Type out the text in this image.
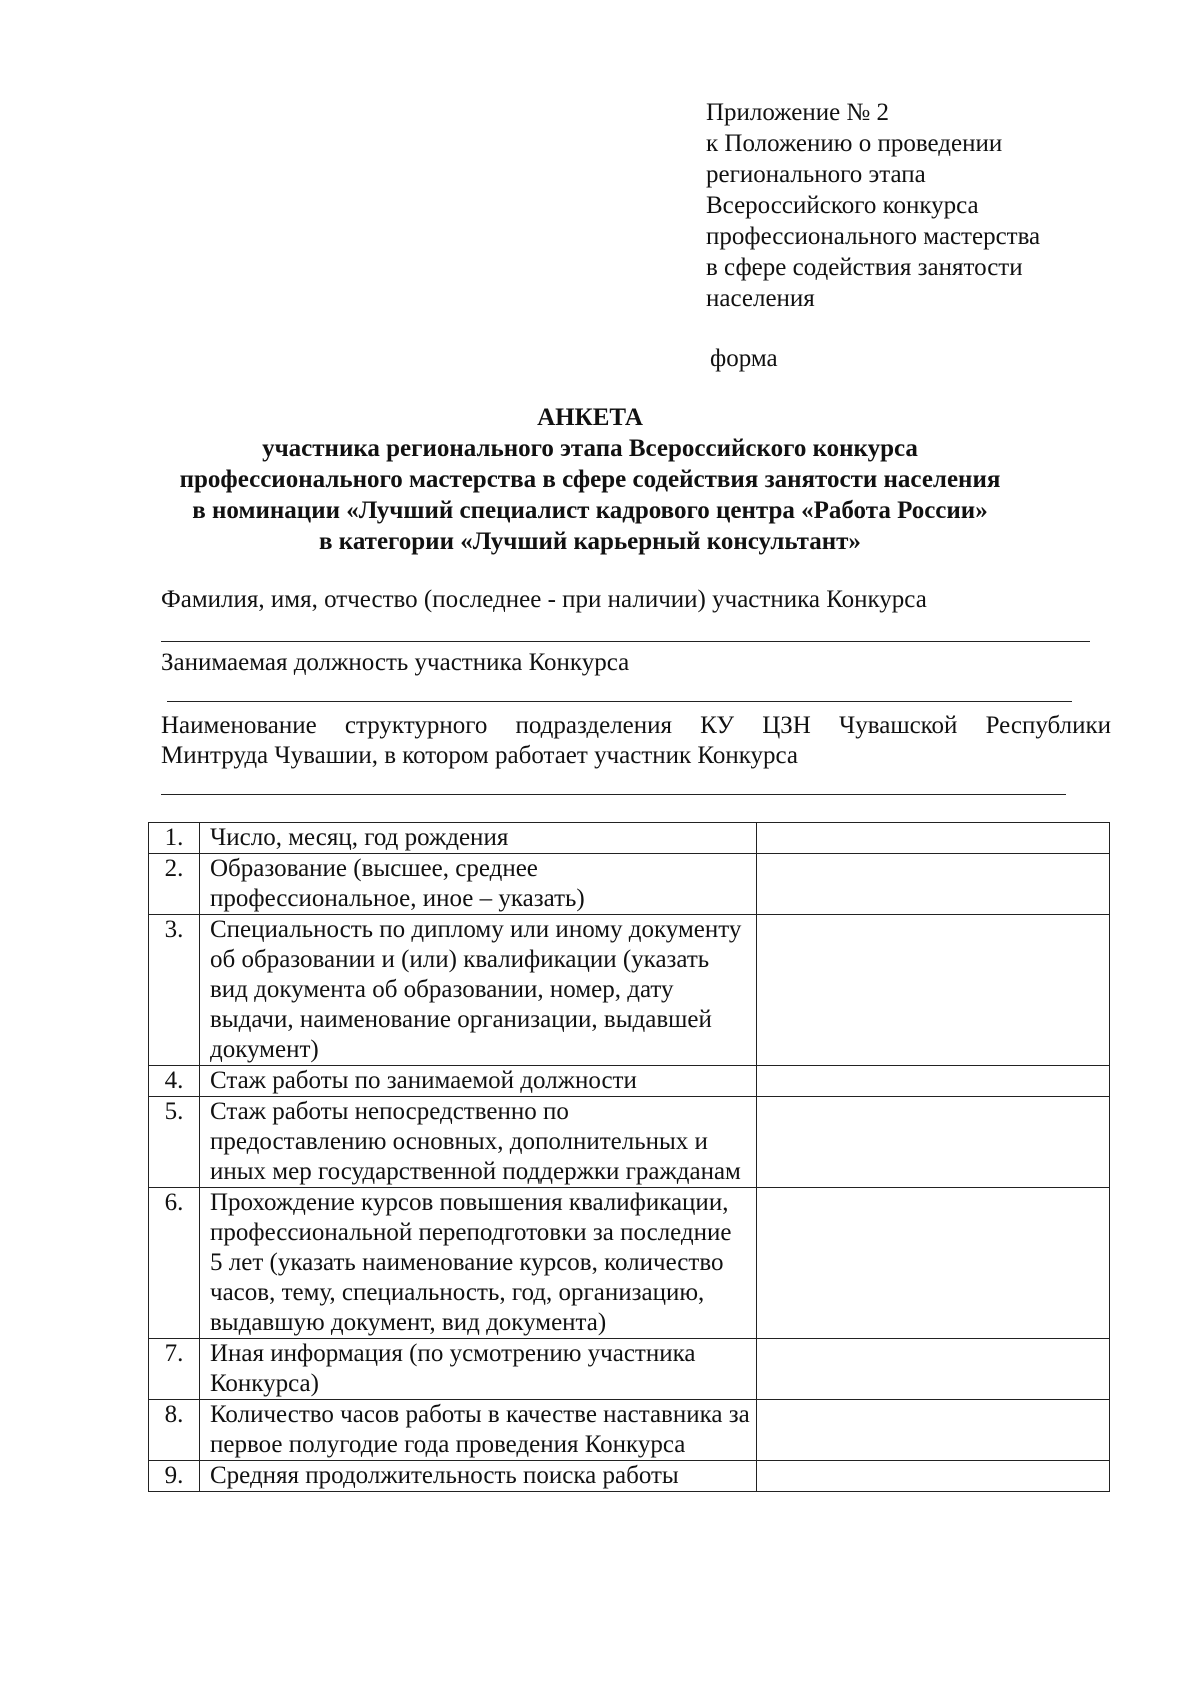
Приложение № 2
к Положению о проведении
регионального этапа
Всероссийского конкурса
профессионального мастерства
в сфере содействия занятости
населения
форма
АНКЕТА
участника регионального этапа Всероссийского конкурса
профессионального мастерства в сфере содействия занятости населения
в номинации «Лучший специалист кадрового центра «Работа России»
в категории «Лучший карьерный консультант»
Фамилия, имя, отчество (последнее - при наличии) участника Конкурса
Занимаемая должность участника Конкурса
Наименование структурного подразделения КУ ЦЗН Чувашской Республики
Минтруда Чувашии, в котором работает участник Конкурса
1.	Число, месяц, год рождения	
2.	Образование (высшее, среднее профессиональное, иное – указать)	
3.	Специальность по диплому или иному документу об образовании и (или) квалификации (указать вид документа об образовании, номер, дату выдачи, наименование организации, выдавшей документ)	
4.	Стаж работы по занимаемой должности	
5.	Стаж работы непосредственно по предоставлению основных, дополнительных и иных мер государственной поддержки гражданам	
6.	Прохождение курсов повышения квалификации, профессиональной переподготовки за последние 5 лет (указать наименование курсов, количество часов, тему, специальность, год, организацию, выдавшую документ, вид документа)	
7.	Иная информация (по усмотрению участника Конкурса)	
8.	Количество часов работы в качестве наставника за первое полугодие года проведения Конкурса	
9.	Средняя продолжительность поиска работы	
